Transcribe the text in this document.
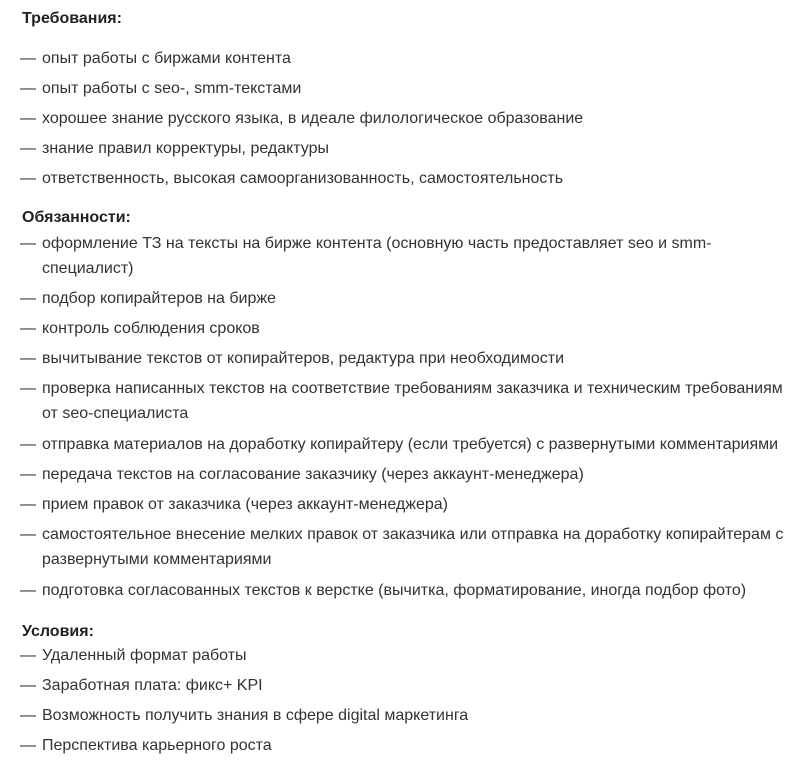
Требования:
— опыт работы с биржами контента
— опыт работы с seo-, smm-текстами
— хорошее знание русского языка, в идеале филологическое образование
— знание правил корректуры, редактуры
— ответственность, высокая самоорганизованность, самостоятельность
Обязанности:
— оформление ТЗ на тексты на бирже контента (основную часть предоставляет seo и smm-специалист)
— подбор копирайтеров на бирже
— контроль соблюдения сроков
— вычитывание текстов от копирайтеров, редактура при необходимости
— проверка написанных текстов на соответствие требованиям заказчика и техническим требованиям от seo-специалиста
— отправка материалов на доработку копирайтеру (если требуется) с развернутыми комментариями
— передача текстов на согласование заказчику (через аккаунт-менеджера)
— прием правок от заказчика (через аккаунт-менеджера)
— самостоятельное внесение мелких правок от заказчика или отправка на доработку копирайтерам с развернутыми комментариями
— подготовка согласованных текстов к верстке (вычитка, форматирование, иногда подбор фото)
Условия:
— Удаленный формат работы
— Заработная плата: фикс+ KPI
— Возможность получить знания в сфере digital маркетинга
— Перспектива карьерного роста
